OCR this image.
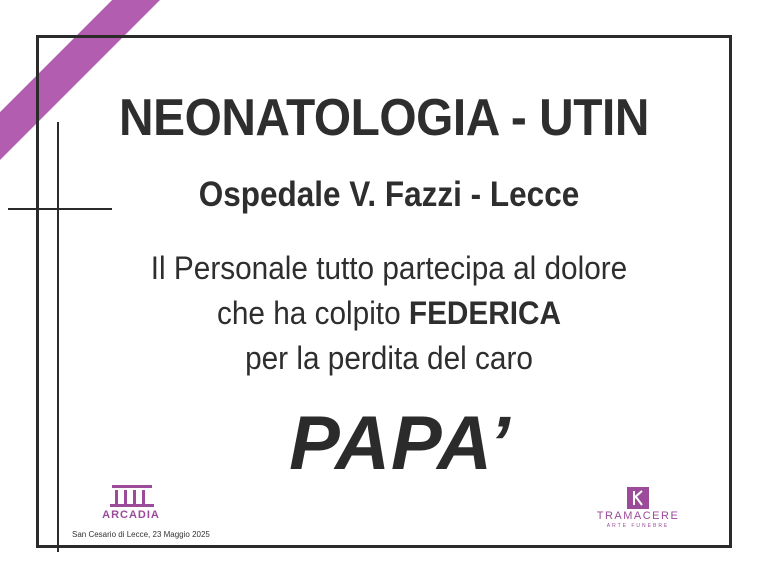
NEONATOLOGIA - UTIN
Ospedale V. Fazzi - Lecce
Il Personale tutto partecipa al dolore
che ha colpito FEDERICA
per la perdita del caro
PAPA’
ARCADIA	TRAMACERE
ARTE FUNEBRE
San Cesario di Lecce, 23 Maggio 2025
